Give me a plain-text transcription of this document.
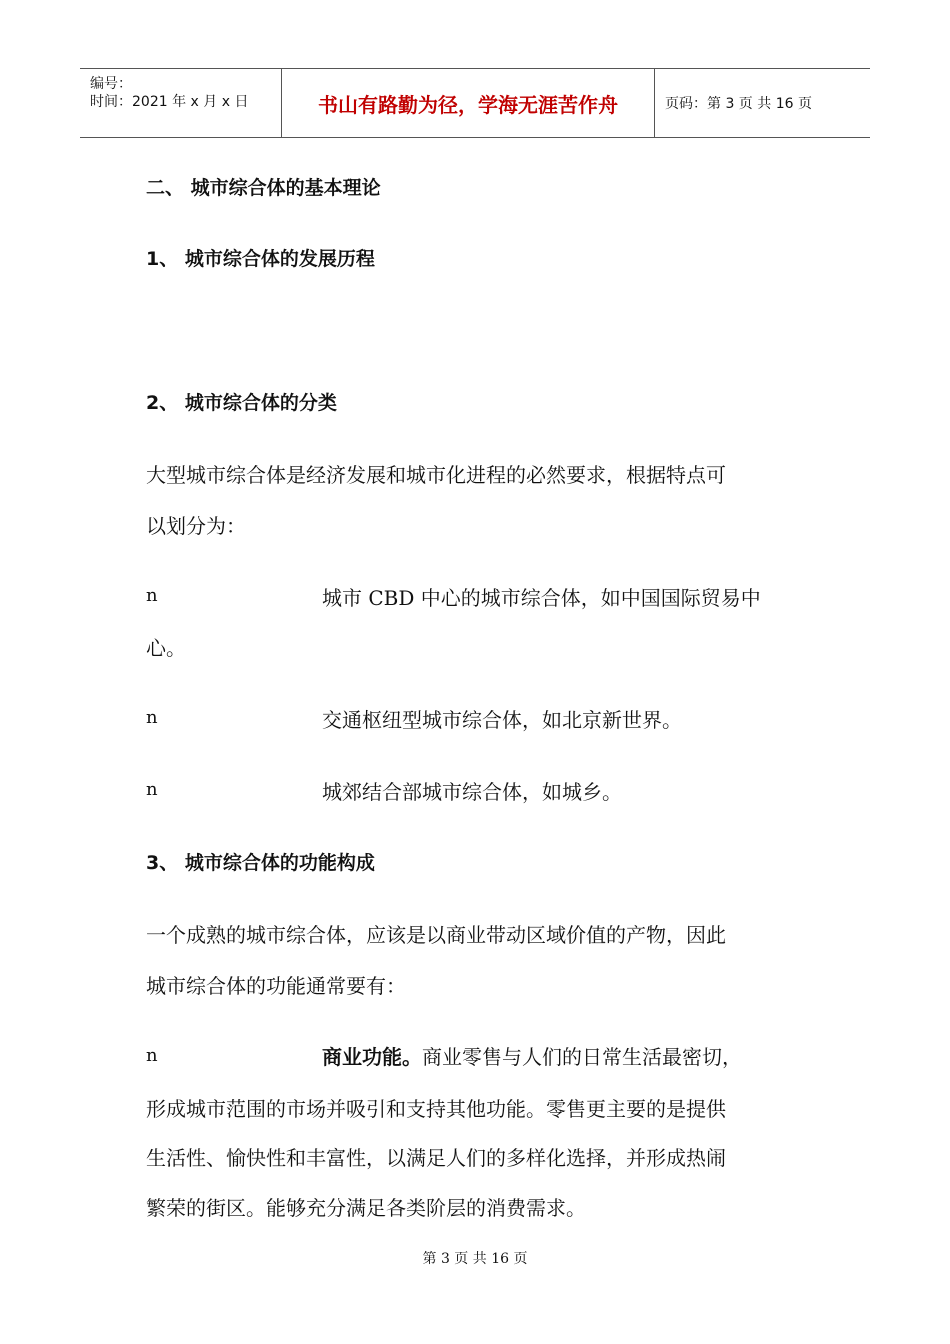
编号：
时间：2021 年 x 月 x 日	书山有路勤为径，学海无涯苦作舟	页码：第 3 页 共 16 页
二、 城市综合体的基本理论
1、 城市综合体的发展历程
2、 城市综合体的分类
大型城市综合体是经济发展和城市化进程的必然要求，根据特点可
以划分为：
n	城市 CBD 中心的城市综合体，如中国国际贸易中
心。
n	交通枢纽型城市综合体，如北京新世界。
n	城郊结合部城市综合体，如城乡。
3、 城市综合体的功能构成
一个成熟的城市综合体，应该是以商业带动区域价值的产物，因此
城市综合体的功能通常要有：
n	商业功能。商业零售与人们的日常生活最密切，
形成城市范围的市场并吸引和支持其他功能。零售更主要的是提供
生活性、愉快性和丰富性，以满足人们的多样化选择，并形成热闹
繁荣的街区。能够充分满足各类阶层的消费需求。
第 3 页 共 16 页
